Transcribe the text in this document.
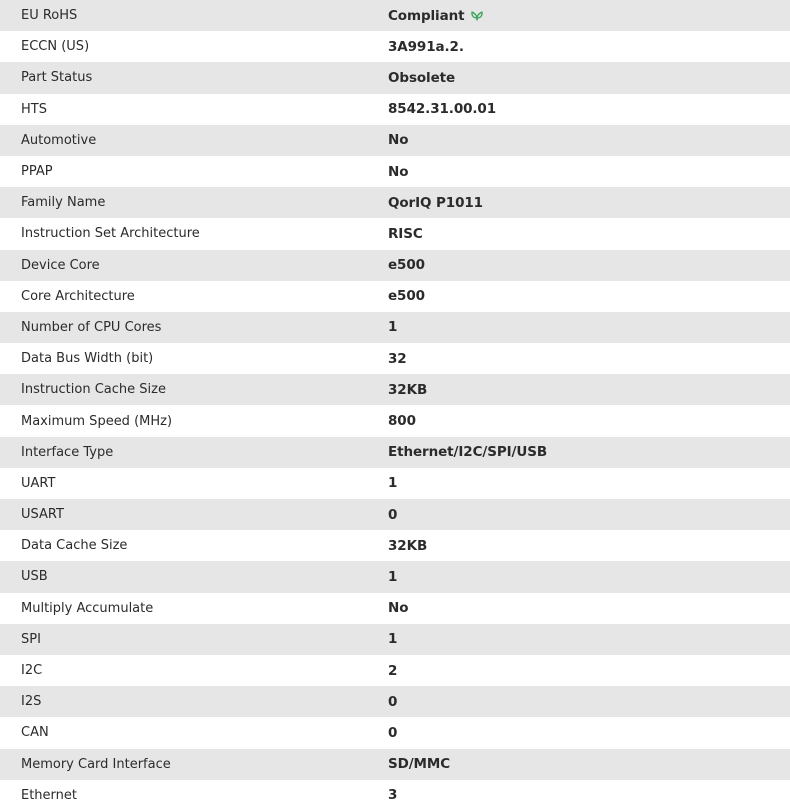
EU RoHS	Compliant
ECCN (US)	3A991a.2.
Part Status	Obsolete
HTS	8542.31.00.01
Automotive	No
PPAP	No
Family Name	QorIQ P1011
Instruction Set Architecture	RISC
Device Core	e500
Core Architecture	e500
Number of CPU Cores	1
Data Bus Width (bit)	32
Instruction Cache Size	32KB
Maximum Speed (MHz)	800
Interface Type	Ethernet/I2C/SPI/USB
UART	1
USART	0
Data Cache Size	32KB
USB	1
Multiply Accumulate	No
SPI	1
I2C	2
I2S	0
CAN	0
Memory Card Interface	SD/MMC
Ethernet	3
